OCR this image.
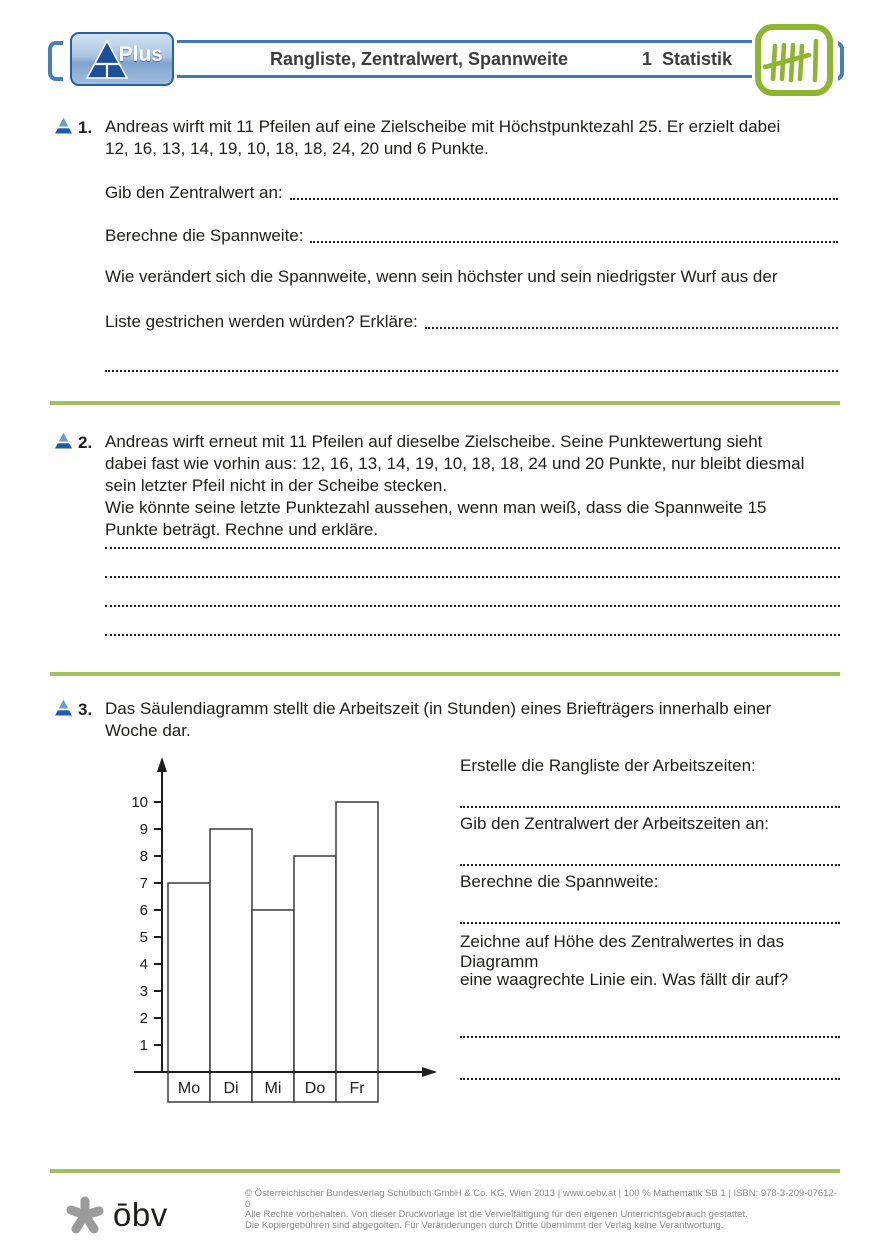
Rangliste, Zentralwert, Spannweite	1  Statistik
Plus
1. Andreas wirft mit 11 Pfeilen auf eine Zielscheibe mit Höchstpunktezahl 25. Er erzielt dabei
12, 16, 13, 14, 19, 10, 18, 18, 24, 20 und 6 Punkte.
Gib den Zentralwert an:
Berechne die Spannweite:
Wie verändert sich die Spannweite, wenn sein höchster und sein niedrigster Wurf aus der
Liste gestrichen werden würden? Erkläre:
2. Andreas wirft erneut mit 11 Pfeilen auf dieselbe Zielscheibe. Seine Punktewertung sieht
dabei fast wie vorhin aus: 12, 16, 13, 14, 19, 10, 18, 18, 24 und 20 Punkte, nur bleibt diesmal
sein letzter Pfeil nicht in der Scheibe stecken.
Wie könnte seine letzte Punktezahl aussehen, wenn man weiß, dass die Spannweite 15
Punkte beträgt. Rechne und erkläre.
3. Das Säulendiagramm stellt die Arbeitszeit (in Stunden) eines Briefträgers innerhalb einer
Woche dar.
Mo Di Mi Do Fr
1
2
3
4
5
6
7
8
9
10
Erstelle die Rangliste der Arbeitszeiten:
Gib den Zentralwert der Arbeitszeiten an:
Berechne die Spannweite:
Zeichne auf Höhe des Zentralwertes in das Diagramm
eine waagrechte Linie ein. Was fällt dir auf?
ōbv
© Österreichischer Bundesverlag Schulbuch GmbH & Co. KG, Wien 2013 | www.oebv.at | 100 % Mathematik SB 1 | ISBN: 978-3-209-07612-0
Alle Rechte vorbehalten. Von dieser Druckvorlage ist die Vervielfältigung für den eigenen Unterrichtsgebrauch gestattet.
Die Kopiergebühren sind abgegolten. Für Veränderungen durch Dritte übernimmt der Verlag keine Verantwortung.
